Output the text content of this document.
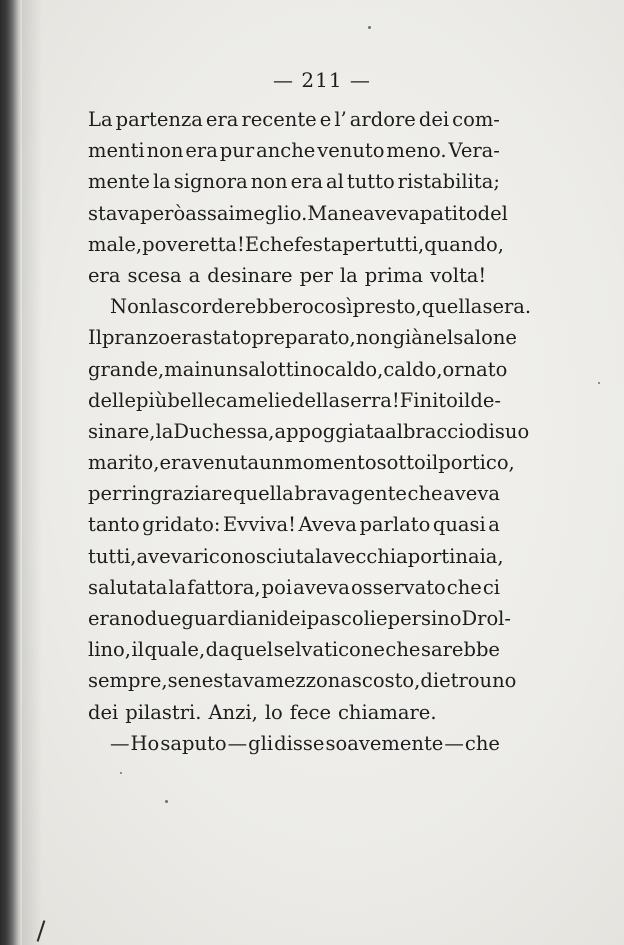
— 211 —
La partenza era recente e l’ ardore dei com-
menti non era pur anche venuto meno. Vera-
mente la signora non era al tutto ristabilita;
stava però assai meglio. Ma ne aveva patito del
male, poveretta! E che festa per tutti, quando,
era scesa a desinare per la prima volta!
Non la scorderebbero così presto, quella sera.
Il pranzo era stato preparato, non già nel salone
grande, ma in un salottino caldo, caldo, ornato
delle più belle camelie della serra! Finito il de-
sinare, la Duchessa, appoggiata al braccio di suo
marito, era venuta un momento sotto il portico,
per ringraziare quella brava gente che aveva
tanto gridato: Evviva! Aveva parlato quasi a
tutti, aveva riconosciuta la vecchia portinaia,
salutata la fattora, poi aveva osservato che ci
erano due guardiani dei pascoli e persino Drol-
lino, il quale, da quel selvaticone che sarebbe
sempre, se ne stava mezzo nascosto, dietro uno
dei pilastri. Anzi, lo fece chiamare.
— Ho saputo — gli disse soavemente — che
